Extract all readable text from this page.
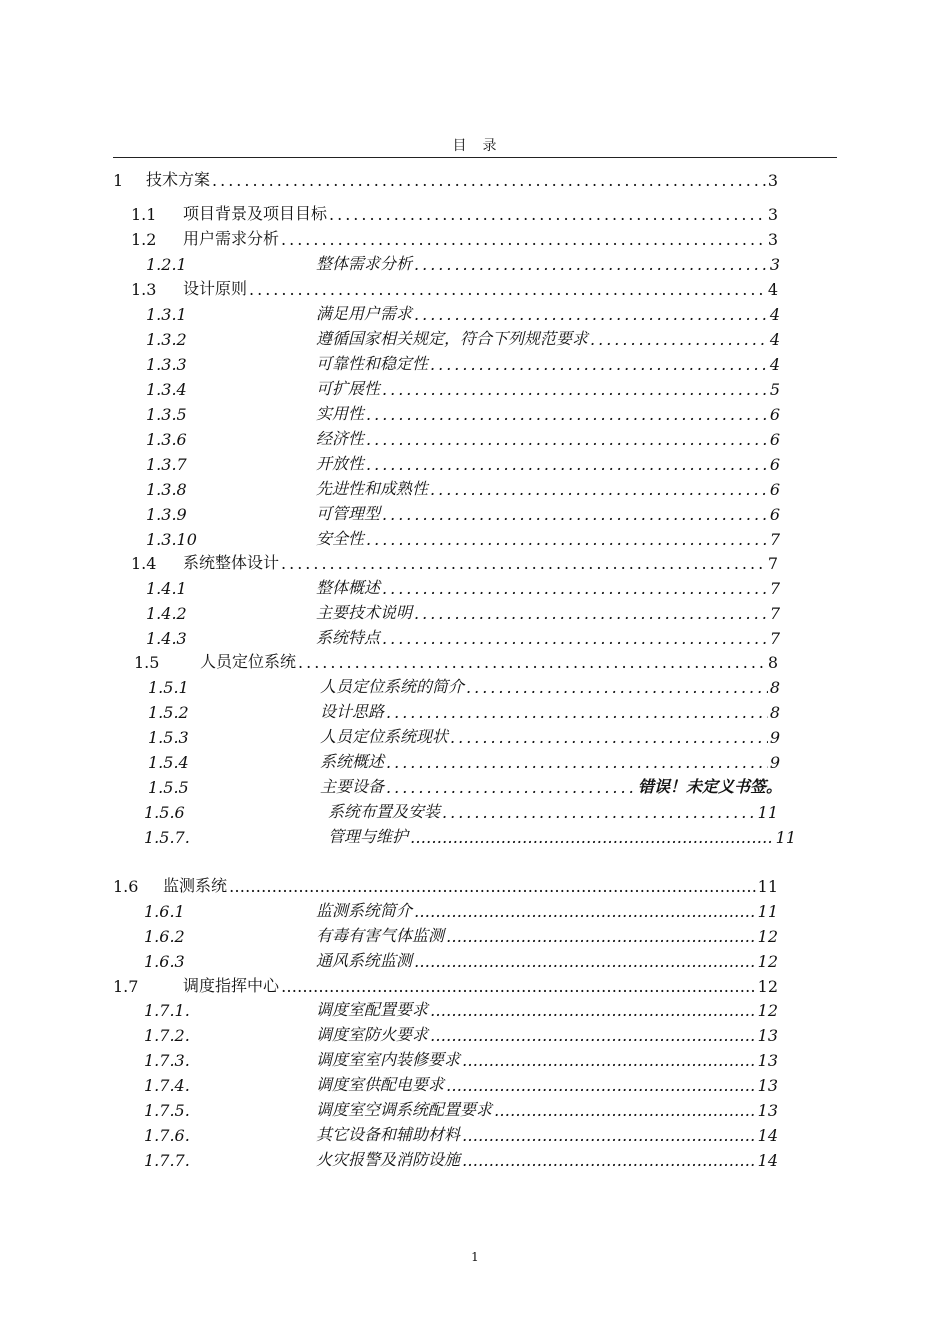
目　录
1	技术方案 .....	3
1.1	项目背景及项目目标 .....	3
1.2	用户需求分析 .....	3
1.2.1	整体需求分析 .....	3
1.3	设计原则 .....	4
1.3.1	满足用户需求 .....	4
1.3.2	遵循国家相关规定，符合下列规范要求 .....	4
1.3.3	可靠性和稳定性 .....	4
1.3.4	可扩展性 .....	5
1.3.5	实用性 .....	6
1.3.6	经济性 .....	6
1.3.7	开放性 .....	6
1.3.8	先进性和成熟性 .....	6
1.3.9	可管理型 .....	6
1.3.10	安全性 .....	7
1.4	系统整体设计 .....	7
1.4.1	整体概述 .....	7
1.4.2	主要技术说明 .....	7
1.4.3	系统特点 .....	7
1.5	人员定位系统 .....	8
1.5.1	人员定位系统的简介 .....	8
1.5.2	设计思路 .....	8
1.5.3	人员定位系统现状 .....	9
1.5.4	系统概述 .....	9
1.5.5	主要设备 .....	错误！未定义书签。
1.5.6	系统布置及安装 .....	11
1.5.7.	管理与维护 ………………………………………………………………………………………………………………………………………………………………	11
1.6	监测系统 ………………………………………………………………………………………………………………………………………………………………	11
1.6.1	监测系统简介 ………………………………………………………………………………………………………………………………………………………………	11
1.6.2	有毒有害气体监测 ………………………………………………………………………………………………………………………………………………………………	12
1.6.3	通风系统监测 ………………………………………………………………………………………………………………………………………………………………	12
1.7	调度指挥中心 ………………………………………………………………………………………………………………………………………………………………	12
1.7.1.	调度室配置要求 ………………………………………………………………………………………………………………………………………………………………	12
1.7.2.	调度室防火要求 ………………………………………………………………………………………………………………………………………………………………	13
1.7.3.	调度室室内装修要求 ………………………………………………………………………………………………………………………………………………………………	13
1.7.4.	调度室供配电要求 ………………………………………………………………………………………………………………………………………………………………	13
1.7.5.	调度室空调系统配置要求 ………………………………………………………………………………………………………………………………………………………………	13
1.7.6.	其它设备和辅助材料 ………………………………………………………………………………………………………………………………………………………………	14
1.7.7.	火灾报警及消防设施 ………………………………………………………………………………………………………………………………………………………………	14
1
